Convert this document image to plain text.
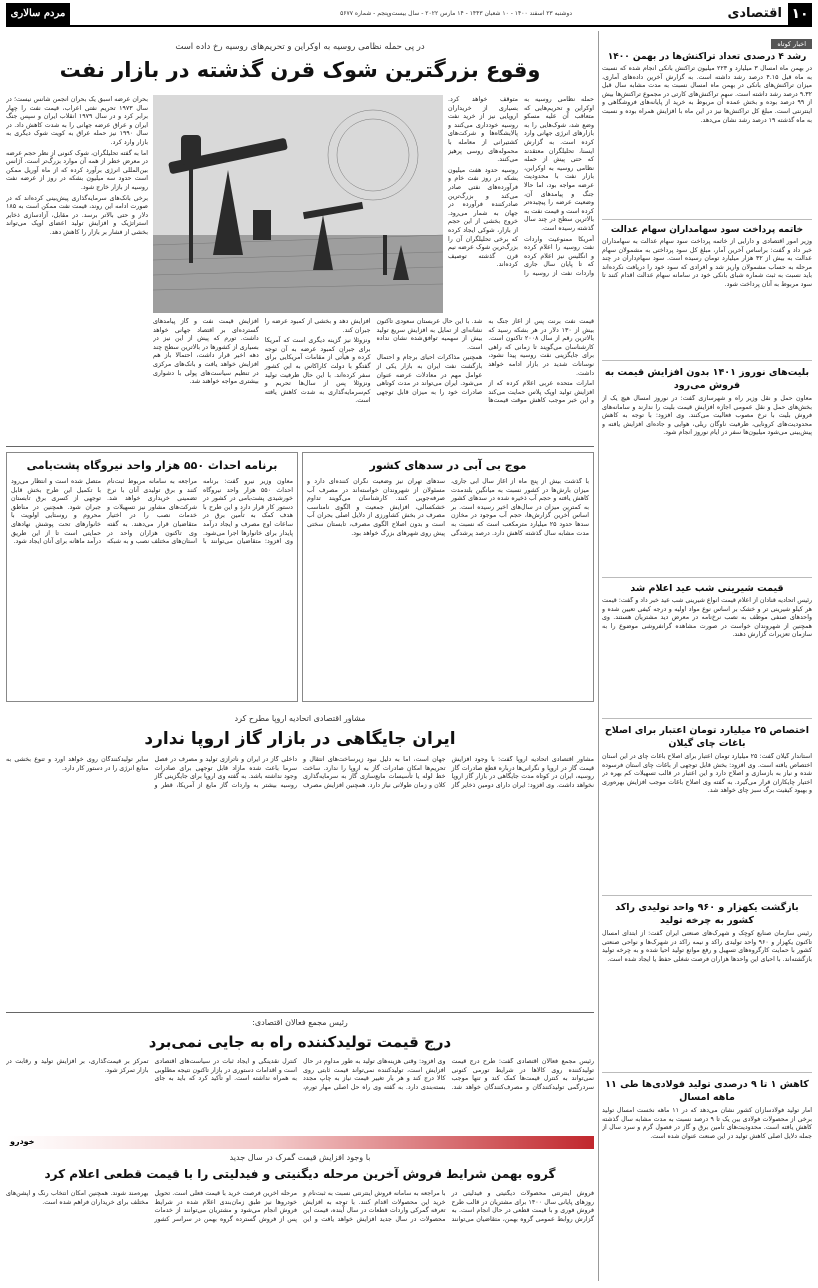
۱۰
اقتصادی
دوشنبه ۲۳ اسفند ۱۴۰۰ - ۱۰ شعبان ۱۴۴۳ - ۱۴ مارس ۲۰۲۲ - سال بیست‌وپنجم - شماره ۵۶۷۷
مردم سالاری
اخبار کوتاه
رشد ۴ درصدی تعداد تراکنش‌ها در بهمن ۱۴۰۰
در بهمن ماه امسال ۳ میلیارد و ۲۲۳ میلیون تراکنش بانکی انجام شده که نسبت به ماه قبل ۴.۱۵ درصد رشد داشته است. به گزارش آخرین داده‌های آماری، میزان تراکنش‌های بانکی در بهمن ماه امسال نسبت به مدت مشابه سال قبل ۹.۳۲ درصد رشد داشته است. سهم تراکنش‌های کارتی در مجموع تراکنش‌ها بیش از ۹۹ درصد بوده و بخش عمده آن مربوط به خرید از پایانه‌های فروشگاهی و اینترنتی است. مبلغ کل تراکنش‌ها نیز در این ماه با افزایش همراه بوده و نسبت به ماه گذشته ۱۹ درصد رشد نشان می‌دهد.
خاتمه پرداخت سود سهامداران سهام عدالت
وزیر امور اقتصادی و دارایی از خاتمه پرداخت سود سهام عدالت به سهامداران خبر داد و گفت: براساس آخرین آمار، مبلغ کل سود پرداختی به مشمولان سهام عدالت به بیش از ۳۲ هزار میلیارد تومان رسیده است. سود سهام‌داران در چند مرحله به حساب مشمولان واریز شد و افرادی که سود خود را دریافت نکرده‌اند باید نسبت به ثبت شماره شبای بانکی خود در سامانه سهام عدالت اقدام کنند تا سود مربوط به آنان پرداخت شود.
بلیت‌های نوروز ۱۴۰۱ بدون افزایش قیمت به فروش می‌رود
معاون حمل و نقل وزیر راه و شهرسازی گفت: در نوروز امسال هیچ یک از بخش‌های حمل و نقل عمومی اجازه افزایش قیمت بلیت را ندارند و سامانه‌های فروش بلیت با نرخ مصوب فعالیت می‌کنند. وی افزود: با توجه به کاهش محدودیت‌های کرونایی، ظرفیت ناوگان ریلی، هوایی و جاده‌ای افزایش یافته و پیش‌بینی می‌شود میلیون‌ها سفر در ایام نوروز انجام شود.
قیمت شیرینی شب عید اعلام شد
رئیس اتحادیه قنادان از اعلام قیمت انواع شیرینی شب عید خبر داد و گفت: قیمت هر کیلو شیرینی تر و خشک بر اساس نوع مواد اولیه و درجه کیفی تعیین شده و واحدهای صنفی موظف به نصب نرخ‌نامه در معرض دید مشتریان هستند. وی همچنین از شهروندان خواست در صورت مشاهده گرانفروشی موضوع را به سازمان تعزیرات گزارش دهند.
اختصاص ۲۵ میلیارد تومان اعتبار برای اصلاح باغات چای گیلان
استاندار گیلان گفت: ۲۵ میلیارد تومان اعتبار برای اصلاح باغات چای در این استان اختصاص یافته است. وی افزود: بخش قابل توجهی از باغات چای استان فرسوده شده و نیاز به بازسازی و اصلاح دارد و این اعتبار در قالب تسهیلات کم بهره در اختیار چایکاران قرار می‌گیرد. به گفته وی اصلاح باغات موجب افزایش بهره‌وری و بهبود کیفیت برگ سبز چای خواهد شد.
بازگشت یکهزار و ۹۶۰ واحد تولیدی راکد کشور به چرخه تولید
رئیس سازمان صنایع کوچک و شهرک‌های صنعتی ایران گفت: از ابتدای امسال تاکنون یکهزار و ۹۶۰ واحد تولیدی راکد و نیمه راکد در شهرک‌ها و نواحی صنعتی کشور با حمایت کارگروه‌های تسهیل و رفع موانع تولید احیا شده و به چرخه تولید بازگشته‌اند. با احیای این واحدها هزاران فرصت شغلی حفظ یا ایجاد شده است.
کاهش ۱ تا ۹ درصدی تولید فولادی‌ها طی ۱۱ ماهه امسال
آمار تولید فولادسازان کشور نشان می‌دهد که در ۱۱ ماهه نخست امسال تولید برخی از محصولات فولادی بین یک تا ۹ درصد نسبت به مدت مشابه سال گذشته کاهش یافته است. محدودیت‌های تأمین برق و گاز در فصول گرم و سرد سال از جمله دلایل اصلی کاهش تولید در این صنعت عنوان شده است.
در پی حمله نظامی روسیه به اوکراین و تحریم‌های روسیه رخ داده است
وقوع بزرگترین شوک قرن گذشته در بازار نفت

حمله نظامی روسیه به اوکراین و تحریم‌هایی که متعاقب آن علیه مسکو وضع شد، شوک‌هایی را به بازارهای انرژی جهانی وارد کرده است. به گزارش ایسنا، تحلیلگران معتقدند که حتی پیش از حمله نظامی روسیه به اوکراین، بازار نفت با محدودیت عرضه مواجه بود، اما حالا جنگ و پیامدهای آن، وضعیت عرضه را پیچیده‌تر کرده است و قیمت نفت به بالاترین سطح در چند سال گذشته رسیده است.

آمریکا ممنوعیت واردات نفت روسیه را اعلام کرده و انگلیس نیز اعلام کرده که تا پایان سال جاری واردات نفت از روسیه را متوقف خواهد کرد. بسیاری از خریداران اروپایی نیز از خرید نفت روسیه خودداری می‌کنند و پالایشگاه‌ها و شرکت‌های کشتیرانی از معامله با محموله‌های روسی پرهیز می‌کنند.

روسیه حدود هفت میلیون بشکه در روز نفت خام و فرآورده‌های نفتی صادر می‌کند و بزرگ‌ترین صادرکننده فرآورده در جهان به شمار می‌رود. خروج بخشی از این حجم از بازار، شوکی ایجاد کرده که برخی تحلیلگران آن را بزرگ‌ترین شوک عرضه نیم قرن گذشته توصیف کرده‌اند.

بحران عرضه اسبق یک بحران انجمن شانس نیست؛ در سال ۱۹۷۳ تحریم نفتی اعراب، قیمت نفت را چهار برابر کرد و در سال ۱۹۷۹ انقلاب ایران و سپس جنگ ایران و عراق عرضه جهانی را به شدت کاهش داد. در سال ۱۹۹۰ نیز حمله عراق به کویت شوک دیگری به بازار وارد کرد.

اما به گفته تحلیلگران، شوک کنونی از نظر حجم عرضه در معرض خطر از همه آن موارد بزرگ‌تر است. آژانس بین‌المللی انرژی برآورد کرده که از ماه آوریل ممکن است حدود سه میلیون بشکه در روز از عرضه نفت روسیه از بازار خارج شود.

برخی بانک‌های سرمایه‌گذاری پیش‌بینی کرده‌اند که در صورت ادامه این روند، قیمت نفت ممکن است به ۱۸۵ دلار و حتی بالاتر برسد. در مقابل، آزادسازی ذخایر استراتژیک و افزایش تولید اعضای اوپک می‌تواند بخشی از فشار بر بازار را کاهش دهد.

قیمت نفت برنت پس از آغاز جنگ به بیش از ۱۳۰ دلار در هر بشکه رسید که بالاترین رقم از سال ۲۰۰۸ تاکنون است. کارشناسان می‌گویند تا زمانی که راهی برای جایگزینی نفت روسیه پیدا نشود، نوسانات شدید در بازار ادامه خواهد داشت.

امارات متحده عربی اعلام کرده که از افزایش تولید اوپک پلاس حمایت می‌کند و این خبر موجب کاهش موقت قیمت‌ها شد. با این حال عربستان سعودی تاکنون نشانه‌ای از تمایل به افزایش سریع تولید بیش از سهمیه توافق‌شده نشان نداده است.

همچنین مذاکرات احیای برجام و احتمال بازگشت نفت ایران به بازار یکی از عوامل مهم در معادلات عرضه عنوان می‌شود. ایران می‌تواند در مدت کوتاهی صادرات خود را به میزان قابل توجهی افزایش دهد و بخشی از کمبود عرضه را جبران کند.

ونزوئلا نیز گزینه دیگری است که آمریکا برای جبران کمبود عرضه به آن توجه کرده و هیأتی از مقامات آمریکایی برای گفتگو با دولت کاراکاس به این کشور سفر کرده‌اند. با این حال ظرفیت تولید ونزوئلا پس از سال‌ها تحریم و کم‌سرمایه‌گذاری به شدت کاهش یافته است.

افزایش قیمت نفت و گاز پیامدهای گسترده‌ای بر اقتصاد جهانی خواهد داشت. تورم که پیش از این نیز در بسیاری از کشورها در بالاترین سطح چند دهه اخیر قرار داشت، احتمالا باز هم افزایش خواهد یافت و بانک‌های مرکزی در تنظیم سیاست‌های پولی با دشواری بیشتری مواجه خواهند شد.

موج بی آبی در سدهای کشور
با گذشت بیش از پنج ماه از آغاز سال آبی جاری، میزان بارش‌ها در کشور نسبت به میانگین بلندمدت کاهش یافته و حجم آب ذخیره شده در سدهای کشور به کمترین میزان در سال‌های اخیر رسیده است. بر اساس آخرین گزارش‌ها، حجم آب موجود در مخازن سدها حدود ۲۵ میلیارد مترمکعب است که نسبت به مدت مشابه سال گذشته کاهش دارد. درصد پرشدگی سدهای تهران نیز وضعیت نگران کننده‌ای دارد و مسئولان از شهروندان خواسته‌اند در مصرف آب صرفه‌جویی کنند. کارشناسان می‌گویند تداوم خشکسالی، افزایش جمعیت و الگوی نامناسب مصرف در بخش کشاورزی از دلایل اصلی بحران آب است و بدون اصلاح الگوی مصرف، تابستان سختی پیش روی شهرهای بزرگ خواهد بود.
برنامه احداث ۵۵۰ هزار واحد نیروگاه پشت‌بامی
معاون وزیر نیرو گفت: برنامه احداث ۵۵۰ هزار واحد نیروگاه خورشیدی پشت‌بامی در کشور در دستور کار قرار دارد و این طرح با هدف کمک به تأمین برق در ساعات اوج مصرف و ایجاد درآمد پایدار برای خانوارها اجرا می‌شود. وی افزود: متقاضیان می‌توانند با مراجعه به سامانه مربوط ثبت‌نام کنند و برق تولیدی آنان با نرخ تضمینی خریداری خواهد شد. شرکت‌های مشاور نیز تسهیلات و خدمات نصب را در اختیار متقاضیان قرار می‌دهند. به گفته وی تاکنون هزاران واحد در استان‌های مختلف نصب و به شبکه متصل شده است و انتظار می‌رود با تکمیل این طرح بخش قابل توجهی از کسری برق تابستان جبران شود. همچنین در مناطق محروم و روستایی اولویت با خانوارهای تحت پوشش نهادهای حمایتی است تا از این طریق درآمد ماهانه برای آنان ایجاد شود.
مشاور اقتصادی اتحادیه اروپا مطرح کرد
ایران جایگاهی در بازار گاز اروپا ندارد
مشاور اقتصادی اتحادیه اروپا گفت: با وجود افزایش قیمت گاز در اروپا و نگرانی‌ها درباره قطع صادرات گاز روسیه، ایران در کوتاه مدت جایگاهی در بازار گاز اروپا نخواهد داشت. وی افزود: ایران دارای دومین ذخایر گاز جهان است، اما به دلیل نبود زیرساخت‌های انتقال و تحریم‌ها امکان صادرات گاز به اروپا را ندارد. ساخت خط لوله یا تأسیسات مایع‌سازی گاز به سرمایه‌گذاری کلان و زمان طولانی نیاز دارد. همچنین افزایش مصرف داخلی گاز در ایران و ناترازی تولید و مصرف در فصل سرما باعث شده مازاد قابل توجهی برای صادرات وجود نداشته باشد. به گفته وی اروپا برای جایگزینی گاز روسیه بیشتر به واردات گاز مایع از آمریکا، قطر و سایر تولیدکنندگان روی خواهد آورد و تنوع بخشی به منابع انرژی را در دستور کار دارد.
رئیس مجمع فعالان اقتصادی:
درج قیمت تولیدکننده راه به جایی نمی‌برد
رئیس مجمع فعالان اقتصادی گفت: طرح درج قیمت تولیدکننده روی کالاها در شرایط تورمی کنونی نمی‌تواند به کنترل قیمت‌ها کمک کند و تنها موجب سردرگمی تولیدکنندگان و مصرف‌کنندگان خواهد شد. وی افزود: وقتی هزینه‌های تولید به طور مداوم در حال افزایش است، تولیدکننده نمی‌تواند قیمت ثابتی روی کالا درج کند و هر بار تغییر قیمت نیاز به چاپ مجدد بسته‌بندی دارد. به گفته وی راه حل اصلی مهار تورم، کنترل نقدینگی و ایجاد ثبات در سیاست‌های اقتصادی است و اقدامات دستوری در بازار تاکنون نتیجه مطلوبی به همراه نداشته است. او تأکید کرد که باید به جای تمرکز بر قیمت‌گذاری، بر افزایش تولید و رقابت در بازار تمرکز شود.
خودرو
با وجود افزایش قیمت گمرک در سال جدید
گروه بهمن شرایط فروش آخرین مرحله دیگنیتی و فیدلیتی را با قیمت قطعی اعلام کرد
فروش اینترنتی محصولات دیگنیتی و فیدلیتی در روزهای پایانی سال ۱۴۰۰ برای مشتریان در قالب طرح فروش فوری و با قیمت قطعی در حال انجام است. به گزارش روابط عمومی گروه بهمن، متقاضیان می‌توانند با مراجعه به سامانه فروش اینترنتی نسبت به ثبت‌نام و خرید این محصولات اقدام کنند. با توجه به افزایش تعرفه گمرکی واردات قطعات در سال آینده، قیمت این محصولات در سال جدید افزایش خواهد یافت و این مرحله آخرین فرصت خرید با قیمت فعلی است. تحویل خودروها نیز طبق زمان‌بندی اعلام شده در شرایط فروش انجام می‌شود و مشتریان می‌توانند از خدمات پس از فروش گسترده گروه بهمن در سراسر کشور بهره‌مند شوند. همچنین امکان انتخاب رنگ و آپشن‌های مختلف برای خریداران فراهم شده است.
